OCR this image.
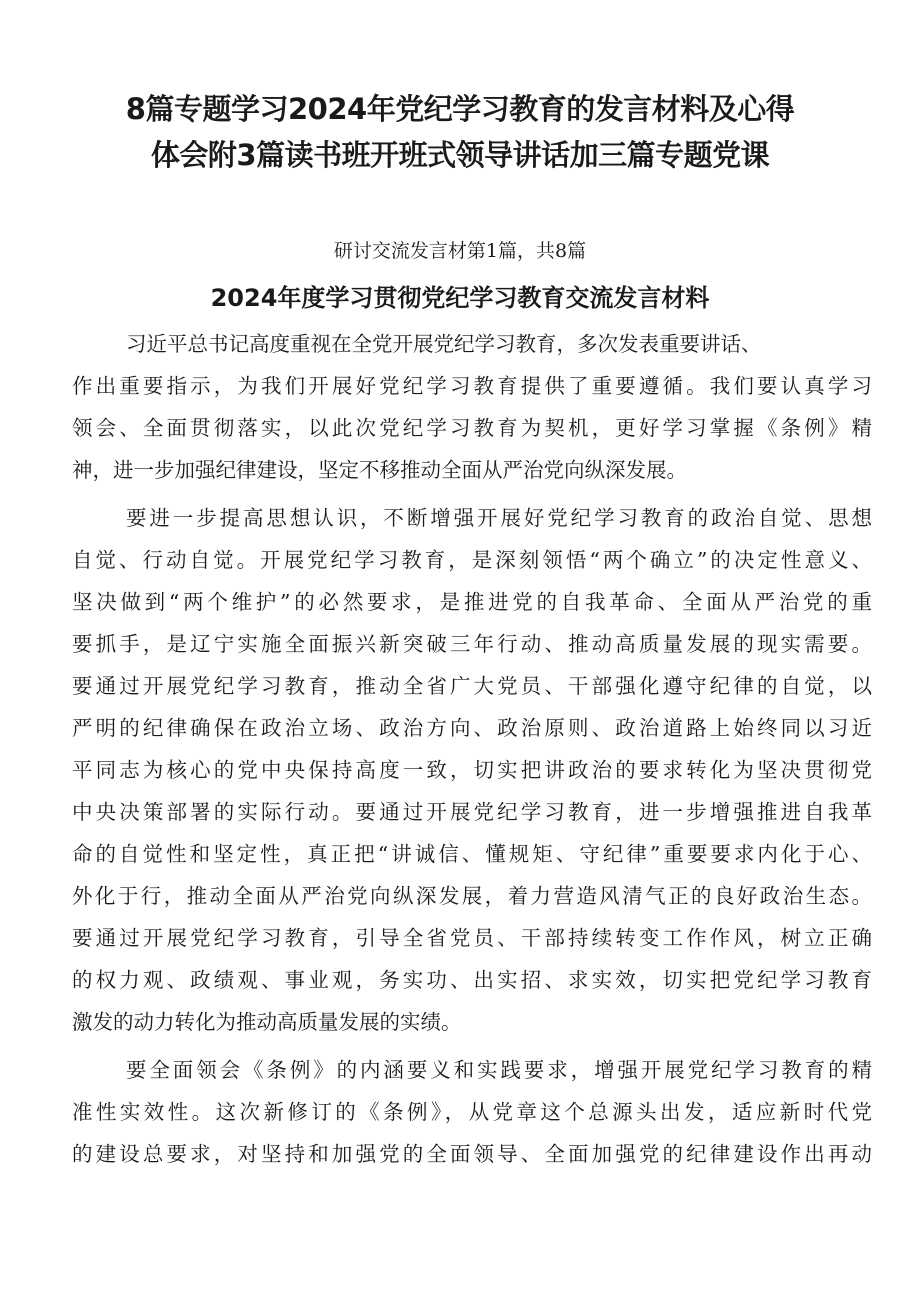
8篇专题学习2024年党纪学习教育的发言材料及心得
体会附3篇读书班开班式领导讲话加三篇专题党课

研讨交流发言材第1篇，共8篇

2024年度学习贯彻党纪学习教育交流发言材料

习近平总书记高度重视在全党开展党纪学习教育，多次发表重要讲话、

作出重要指示，为我们开展好党纪学习教育提供了重要遵循。我们要认真学习

领会、全面贯彻落实，以此次党纪学习教育为契机，更好学习掌握《条例》精

神，进一步加强纪律建设，坚定不移推动全面从严治党向纵深发展。

要进一步提高思想认识，不断增强开展好党纪学习教育的政治自觉、思想

自觉、行动自觉。开展党纪学习教育，是深刻领悟“两个确立”的决定性意义、

坚决做到“两个维护”的必然要求，是推进党的自我革命、全面从严治党的重

要抓手，是辽宁实施全面振兴新突破三年行动、推动高质量发展的现实需要。

要通过开展党纪学习教育，推动全省广大党员、干部强化遵守纪律的自觉，以

严明的纪律确保在政治立场、政治方向、政治原则、政治道路上始终同以习近

平同志为核心的党中央保持高度一致，切实把讲政治的要求转化为坚决贯彻党

中央决策部署的实际行动。要通过开展党纪学习教育，进一步增强推进自我革

命的自觉性和坚定性，真正把“讲诚信、懂规矩、守纪律”重要要求内化于心、

外化于行，推动全面从严治党向纵深发展，着力营造风清气正的良好政治生态。

要通过开展党纪学习教育，引导全省党员、干部持续转变工作作风，树立正确

的权力观、政绩观、事业观，务实功、出实招、求实效，切实把党纪学习教育

激发的动力转化为推动高质量发展的实绩。

要全面领会《条例》的内涵要义和实践要求，增强开展党纪学习教育的精

准性实效性。这次新修订的《条例》，从党章这个总源头出发，适应新时代党

的建设总要求，对坚持和加强党的全面领导、全面加强党的纪律建设作出再动
